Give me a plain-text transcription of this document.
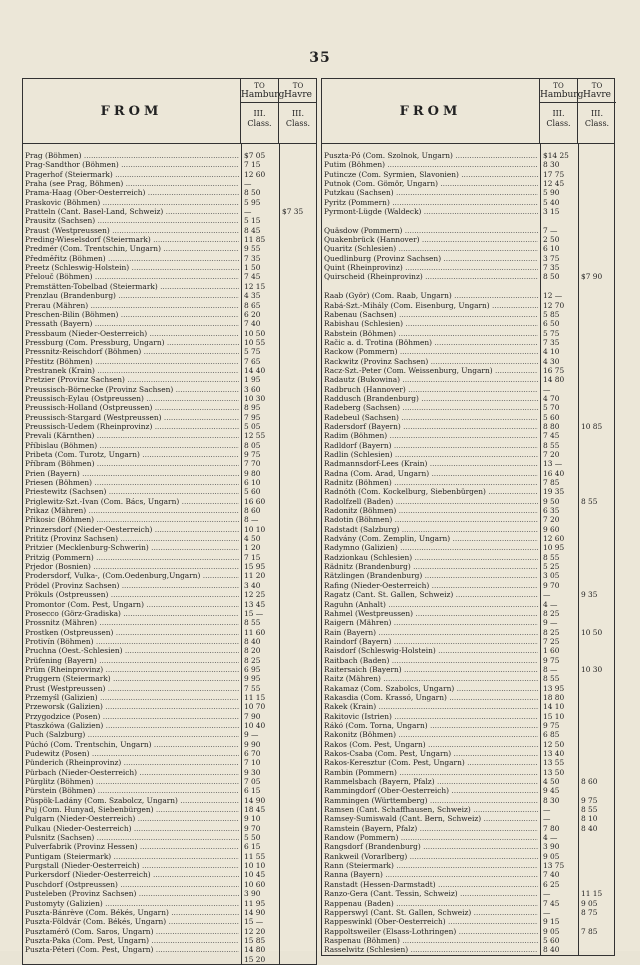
35
FROM
TO
Hamburg
III. Class.
TO
Havre
III. Class.
Prag (Böhmen) .....	$7 05
Prag-Sandthor (Böhmen) .....	7 15
Pragerhof (Steiermark) .....	12 60
Praha (see Prag, Böhmen) .....	—
Prama-Haag (Ober-Oesterreich) .....	8 50
Praskovic (Böhmen) .....	5 95
Pratteln (Cant. Basel-Land, Schweiz) .....	—	$7 35
Prausitz (Sachsen) .....	5 15
Praust (Westpreussen) .....	8 45
Preding-Wieselsdorf (Steiermark) .....	11 85
Predmér (Com. Trentschin, Ungarn) .....	9 55
Předměřitz (Böhmen) .....	7 35
Preetz (Schleswig-Holstein) .....	1 50
Přelouč (Böhmen) .....	7 45
Premstätten-Tobelbad (Steiermark) .....	12 15
Prenzlau (Brandenburg) .....	4 35
Prerau (Mähren) .....	8 65
Preschen-Bilin (Böhmen) .....	6 20
Pressath (Bayern) .....	7 40
Pressbaum (Nieder-Oesterreich) .....	10 50
Pressburg (Com. Pressburg, Ungarn) .....	10 55
Pressnitz-Reischdorf (Böhmen) .....	5 75
Přestitz (Böhmen) .....	7 65
Prestranek (Krain) .....	14 40
Pretzier (Provinz Sachsen) .....	1 95
Preussisch-Börnecke (Provinz Sachsen) .....	3 60
Preussisch-Eylau (Ostpreussen) .....	10 30
Preussisch-Holland (Ostpreussen) .....	8 95
Preussisch-Stargard (Westpreussen) .....	7 95
Preussisch-Uedem (Rheinprovinz) .....	5 05
Prevali (Kärnthen) .....	12 55
Příbislau (Böhmen) .....	8 05
Pribeta (Com. Turotz, Ungarn) .....	9 75
Příbram (Böhmen) .....	7 70
Prien (Bayern) .....	9 80
Priesen (Böhmen) .....	6 10
Priestewitz (Sachsen) .....	5 60
Priglewitz-Szt.-Ivan (Com. Bács, Ungarn) .....	16 60
Prikaz (Mähren) .....	8 60
Přikosic (Böhmen) .....	8 —
Prinzersdorf (Nieder-Oesterreich) .....	10 10
Prititz (Provinz Sachsen) .....	4 50
Pritzier (Mecklenburg-Schwerin) .....	1 20
Pritzig (Pommern) .....	7 15
Prjedor (Bosnien) .....	15 95
Prodersdorf, Vulka-, (Com.Oedenburg,Ungarn) .....	11 20
Prödel (Provinz Sachsen) .....	3 40
Prökuls (Ostpreussen) .....	12 25
Promontor (Com. Pest, Ungarn) .....	13 45
Prosecco (Görz-Gradiska) .....	15 —
Prossnitz (Mähren) .....	8 55
Prostken (Ostpreussen) .....	11 60
Protivín (Böhmen) .....	8 40
Pruchna (Oest.-Schlesien) .....	8 20
Prüfening (Bayern) .....	8 25
Prüm (Rheinprovinz) .....	6 95
Pruggern (Steiermark) .....	9 95
Prust (Westpreussen) .....	7 55
Przemyśl (Galizien) .....	11 15
Przeworsk (Galizien) .....	10 70
Przygodzice (Posen) .....	7 90
Ptaszkówa (Galizien) .....	10 40
Puch (Salzburg) .....	9 —
Púchó (Com. Trentschin, Ungarn) .....	9 90
Pudewitz (Posen) .....	6 70
Pünderich (Rheinprovinz) .....	7 10
Pürbach (Nieder-Oesterreich) .....	9 30
Pürglitz (Böhmen) .....	7 05
Pürstein (Böhmen) .....	6 15
Püspök-Ladány (Com. Szabolcz, Ungarn) .....	14 90
Puj (Com. Hunyad, Siebenbürgen) .....	18 45
Pulgarn (Nieder-Oesterreich) .....	9 10
Pulkau (Nieder-Oesterreich) .....	9 70
Pulsnitz (Sachsen) .....	5 50
Pulverfabrik (Provinz Hessen) .....	6 15
Puntigam (Steiermark) .....	11 55
Purgstall (Nieder-Oesterreich) .....	10 10
Purkersdorf (Nieder-Oesterreich) .....	10 45
Puschdorf (Ostpreussen) .....	10 60
Pusteleben (Provinz Sachsen) .....	3 90
Pustomyty (Galizien) .....	11 95
Puszta-Bánrève (Com. Békés, Ungarn) .....	14 90
Puszta-Földvár (Com. Békés, Ungarn) .....	15 —
Pusztamérö (Com. Saros, Ungarn) .....	12 20
Puszta-Paka (Com. Pest, Ungarn) .....	15 85
Puszta-Péteri (Com. Pest, Ungarn) .....	14 80
15 20
FROM
TO
Hamburg
III. Class.
TO
Havre
III. Class.
Puszta-Pó (Com. Szolnok, Ungarn) .....	$14 25
Putim (Böhmen) .....	8 30
Putincze (Com. Syrmien, Slavonien) .....	17 75
Putnok (Com. Gömör, Ungarn) .....	12 45
Putzkau (Sachsen) .....	5 90
Pyritz (Pommern) .....	5 40
Pyrmont-Lügde (Waldeck) .....	3 15
Quäsdow (Pommern) .....	7 —
Quakenbrück (Hannover) .....	2 50
Quaritz (Schlesien) .....	6 10
Quedlinburg (Provinz Sachsen) .....	3 75
Quint (Rheinprovinz) .....	7 35
Quirscheid (Rheinprovinz) .....	8 50	$7 90
Raab (Györ) (Com. Raab, Ungarn) .....	12 —
Rabá-Szt.-Mihály (Com. Eisenburg, Ungarn) .....	12 70
Rabenau (Sachsen) .....	5 85
Rabishau (Schlesien) .....	6 50
Rabstein (Böhmen) .....	5 75
Račic a. d. Trotina (Böhmen) .....	7 35
Rackow (Pommern) .....	4 10
Rackwitz (Provinz Sachsen) .....	4 30
Racz-Szt.-Peter (Com. Weissenburg, Ungarn) .....	16 75
Radautz (Bukowina) .....	14 80
Radbruch (Hannover) .....	—
Raddusch (Brandenburg) .....	4 70
Radeberg (Sachsen) .....	5 70
Radebeul (Sachsen) .....	5 60
Radersdorf (Bayern) .....	8 80	10 85
Radim (Böhmen) .....	7 45
Radldorf (Bayern) .....	8 55
Radlin (Schlesien) .....	7 20
Radmannsdorf-Lees (Krain) .....	13 —
Radna (Com. Arad, Ungarn) .....	16 40
Radnitz (Böhmen) .....	7 85
Radnóth (Com. Kockelburg, Siebenbürgen) .....	19 35
Radolfzell (Baden) .....	9 50	8 55
Radonitz (Böhmen) .....	6 35
Radotin (Böhmen) .....	7 20
Radstadt (Salzburg) .....	9 60
Radvány (Com. Zemplin, Ungarn) .....	12 60
Radymno (Galizien) .....	10 95
Radzionkau (Schlesien) .....	8 55
Rädnitz (Brandenburg) .....	5 25
Rätzlingen (Brandenburg) .....	3 05
Rafing (Nieder-Oesterreich) .....	9 70
Ragatz (Cant. St. Gallen, Schweiz) .....	—	9 35
Raguhn (Anhalt) .....	4 —
Rahmel (Westpreussen) .....	8 25
Raigern (Mähren) .....	9 —
Rain (Bayern) .....	8 25	10 50
Raindorf (Bayern) .....	7 25
Raisdorf (Schleswig-Holstein) .....	1 60
Raitbach (Baden) .....	9 75
Raitersaich (Bayern) .....	8 —	10 30
Raitz (Mähren) .....	8 55
Rakamaz (Com. Szabolcs, Ungarn) .....	13 95
Rakasdia (Com. Krassó, Ungarn) .....	18 80
Rakek (Krain) .....	14 10
Rakitovic (Istrien) .....	15 10
Rákó (Com. Torna, Ungarn) .....	9 75
Rakonitz (Böhmen) .....	6 85
Rakos (Com. Pest, Ungarn) .....	12 50
Rakos-Csaba (Com. Pest, Ungarn) .....	13 40
Rakos-Keresztur (Com. Pest, Ungarn) .....	13 55
Rambin (Pommern) .....	13 50
Rammelsbach (Bayern, Pfalz) .....	4 50	8 60
Rammingdorf (Ober-Oesterreich) .....	9 45
Rammingen (Württemberg) .....	8 30	9 75
Ramsen (Cant. Schaffhausen, Schweiz) .....	—	8 55
Ramsey-Sumiswald (Cant. Bern, Schweiz) .....	—	8 10
Ramstein (Bayern, Pfalz) .....	7 80	8 40
Randow (Pommern) .....	4 —
Rangsdorf (Brandenburg) .....	3 90
Rankweil (Vorarlberg) .....	9 05
Rann (Steiermark) .....	13 75
Ranna (Bayern) .....	7 40
Ranstadt (Hessen-Darmstadt) .....	6 25
Ranzo-Gera (Cant. Tessin, Schweiz) .....	—	11 15
Rappenau (Baden) .....	7 45	9 05
Rapperswyl (Cant. St. Gallen, Schweiz) .....	—	8 75
Rappeswinkl (Ober-Oesterreich) .....	9 15
Rappoltsweiler (Elsass-Lothringen) .....	9 05	7 85
Raspenau (Böhmen) .....	5 60
Rasselwitz (Schlesien) .....	8 40
